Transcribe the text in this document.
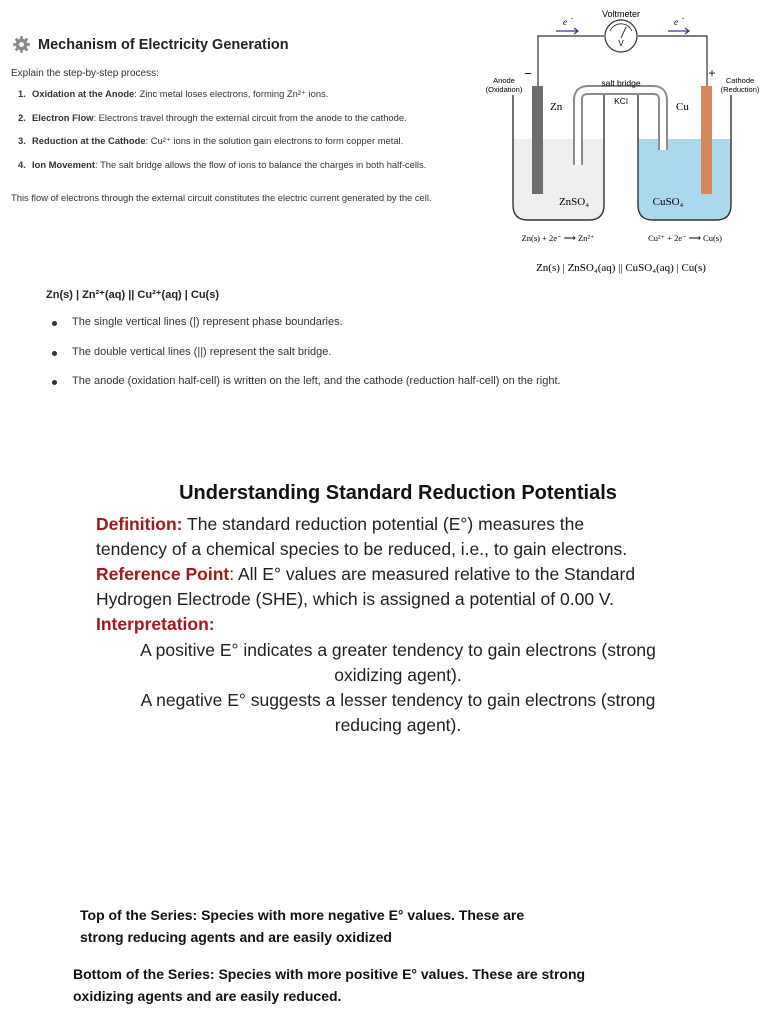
Mechanism of Electricity Generation
Explain the step-by-step process:
1. Oxidation at the Anode: Zinc metal loses electrons, forming Zn²⁺ ions.
2. Electron Flow: Electrons travel through the external circuit from the anode to the cathode.
3. Reduction at the Cathode: Cu²⁺ ions in the solution gain electrons to form copper metal.
4. Ion Movement: The salt bridge allows the flow of ions to balance the charges in both half-cells.
This flow of electrons through the external circuit constitutes the electric current generated by the cell.
Voltmeter
V
e -	e -
Anode
(Oxidation)
−	+
Cathode
(Reduction)
salt bridge
KCl
Zn	Cu
ZnSO₄	CuSO₄
Zn(s) + 2e⁻ ⟶ Zn²⁺	Cu²⁺ + 2e⁻ ⟶ Cu(s)
Zn(s) | ZnSO₄(aq) || CuSO₄(aq) | Cu(s)
Zn(s) | Zn²⁺(aq) || Cu²⁺(aq) | Cu(s)
The single vertical lines (|) represent phase boundaries.
The double vertical lines (||) represent the salt bridge.
The anode (oxidation half-cell) is written on the left, and the cathode (reduction half-cell) on the right.
Understanding Standard Reduction Potentials
Definition: The standard reduction potential (E°) measures the
tendency of a chemical species to be reduced, i.e., to gain electrons.
Reference Point: All E° values are measured relative to the Standard
Hydrogen Electrode (SHE), which is assigned a potential of 0.00 V.
Interpretation:
A positive E° indicates a greater tendency to gain electrons (strong
oxidizing agent).
A negative E° suggests a lesser tendency to gain electrons (strong
reducing agent).
Top of the Series: Species with more negative E° values. These are
strong reducing agents and are easily oxidized
Bottom of the Series: Species with more positive E° values. These are strong
oxidizing agents and are easily reduced.
